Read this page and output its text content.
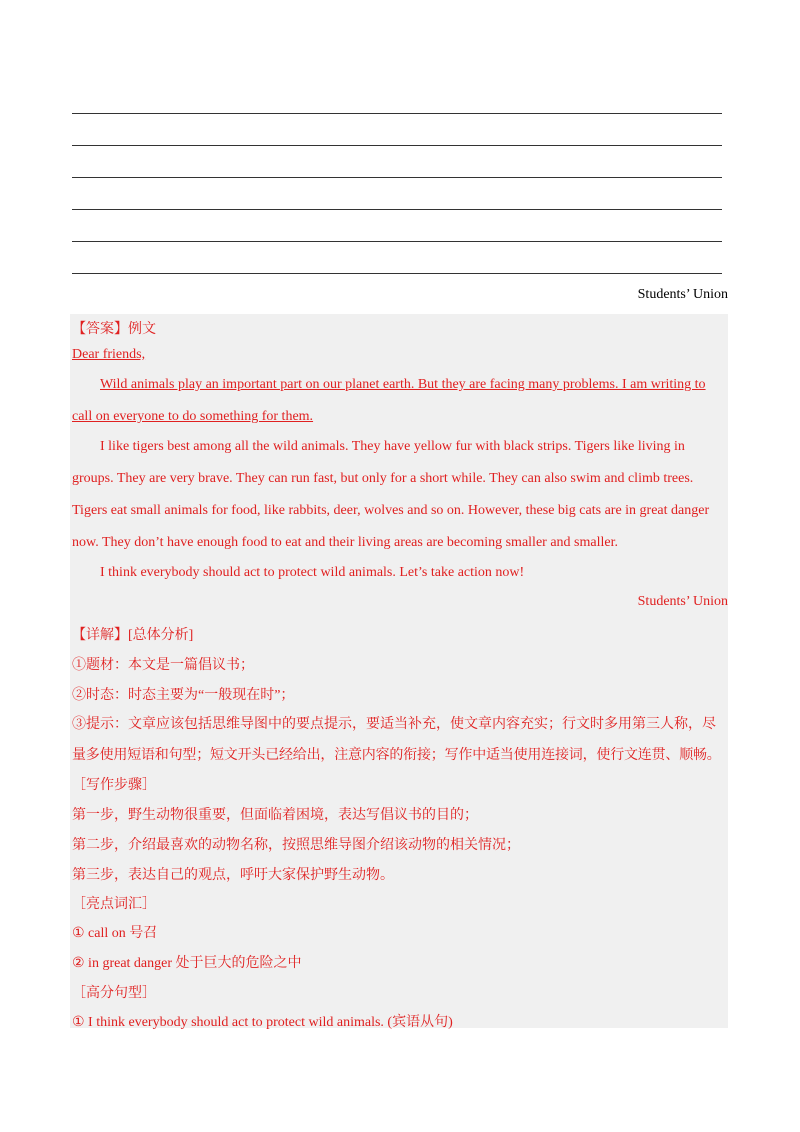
Students’ Union
【答案】例文
Dear friends,
Wild animals play an important part on our planet earth. But they are facing many problems. I am writing to
call on everyone to do something for them.
I like tigers best among all the wild animals. They have yellow fur with black strips. Tigers like living in
groups. They are very brave. They can run fast, but only for a short while. They can also swim and climb trees.
Tigers eat small animals for food, like rabbits, deer, wolves and so on. However, these big cats are in great danger
now. They don’t have enough food to eat and their living areas are becoming smaller and smaller.
I think everybody should act to protect wild animals. Let’s take action now!
Students’ Union
【详解】[总体分析]
①题材：本文是一篇倡议书；
②时态：时态主要为“一般现在时”；
③提示：文章应该包括思维导图中的要点提示，要适当补充，使文章内容充实；行文时多用第三人称，尽
量多使用短语和句型；短文开头已经给出，注意内容的衔接；写作中适当使用连接词，使行文连贯、顺畅。
［写作步骤］
第一步，野生动物很重要，但面临着困境，表达写倡议书的目的；
第二步，介绍最喜欢的动物名称，按照思维导图介绍该动物的相关情况；
第三步，表达自己的观点，呼吁大家保护野生动物。
［亮点词汇］
① call on 号召
② in great danger 处于巨大的危险之中
［高分句型］
① I think everybody should act to protect wild animals. (宾语从句)
